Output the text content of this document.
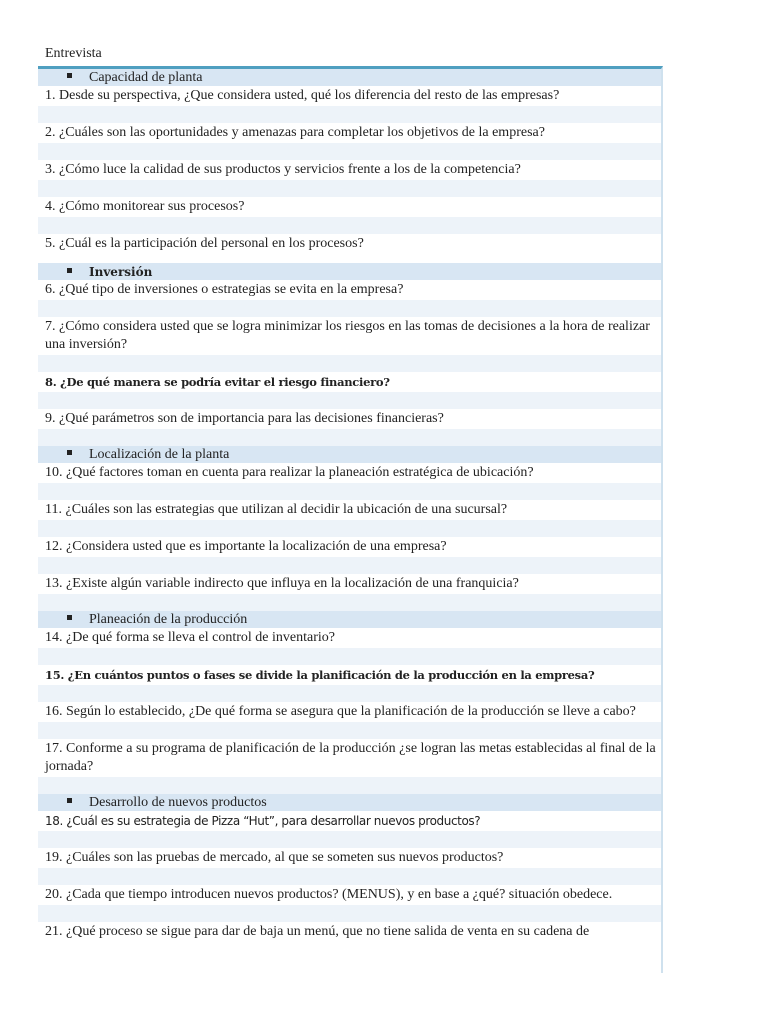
Entrevista
Capacidad de planta
1. Desde su perspectiva, ¿Que considera usted, qué los diferencia del resto de las empresas?
2. ¿Cuáles son las oportunidades y amenazas para completar los objetivos de la empresa?
3. ¿Cómo luce la calidad de sus productos y servicios frente a los de la competencia?
4. ¿Cómo monitorear sus procesos?
5. ¿Cuál es la participación del personal en los procesos?
Inversión
6. ¿Qué tipo de inversiones o estrategias se evita en la empresa?
7. ¿Cómo considera usted que se logra minimizar los riesgos en las tomas de decisiones a la hora de realizar una inversión?
8. ¿De qué manera se podría evitar el riesgo financiero?
9. ¿Qué parámetros son de importancia para las decisiones financieras?
Localización de la planta
10. ¿Qué factores toman en cuenta para realizar la planeación estratégica de ubicación?
11. ¿Cuáles son las estrategias que utilizan al decidir la ubicación de una sucursal?
12. ¿Considera usted que es importante la localización de una empresa?
13. ¿Existe algún variable indirecto que influya en la localización de una franquicia?
Planeación de la producción
14. ¿De qué forma se lleva el control de inventario?
15. ¿En cuántos puntos o fases se divide la planificación de la producción en la empresa?
16. Según lo establecido, ¿De qué forma se asegura que la planificación de la producción se lleve a cabo?
17. Conforme a su programa de planificación de la producción ¿se logran las metas establecidas al final de la jornada?
Desarrollo de nuevos productos
18. ¿Cuál es su estrategia de Pizza “Hut”, para desarrollar nuevos productos?
19. ¿Cuáles son las pruebas de mercado, al que se someten sus nuevos productos?
20. ¿Cada que tiempo introducen nuevos productos? (MENUS), y en base a ¿qué? situación obedece.
21. ¿Qué proceso se sigue para dar de baja un menú, que no tiene salida de venta en su cadena de
